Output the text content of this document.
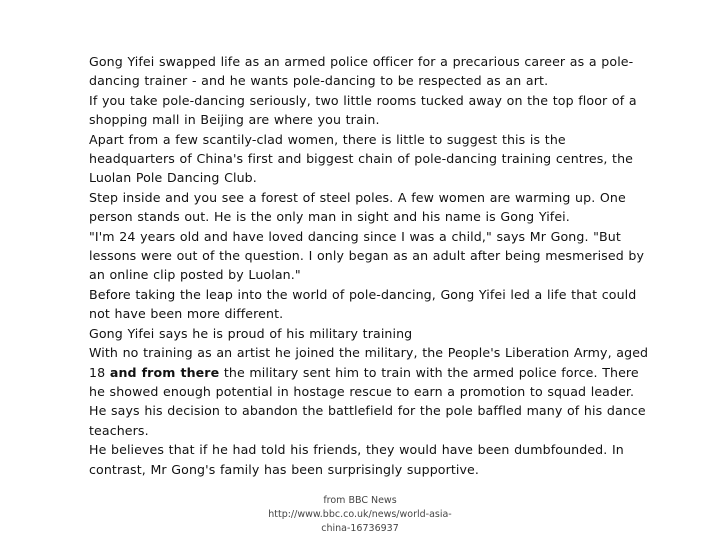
Gong Yifei swapped life as an armed police officer for a precarious career as a pole-dancing trainer - and he wants pole-dancing to be respected as an art.

If you take pole-dancing seriously, two little rooms tucked away on the top floor of a shopping mall in Beijing are where you train.

Apart from a few scantily-clad women, there is little to suggest this is the headquarters of China's first and biggest chain of pole-dancing training centres, the Luolan Pole Dancing Club.

Step inside and you see a forest of steel poles. A few women are warming up. One person stands out. He is the only man in sight and his name is Gong Yifei.

"I'm 24 years old and have loved dancing since I was a child," says Mr Gong. "But lessons were out of the question. I only began as an adult after being mesmerised by an online clip posted by Luolan."

Before taking the leap into the world of pole-dancing, Gong Yifei led a life that could not have been more different.

Gong Yifei says he is proud of his military training

With no training as an artist he joined the military, the People's Liberation Army, aged 18 and from there the military sent him to train with the armed police force. There he showed enough potential in hostage rescue to earn a promotion to squad leader.

He says his decision to abandon the battlefield for the pole baffled many of his dance teachers.

He believes that if he had told his friends, they would have been dumbfounded. In contrast, Mr Gong's family has been surprisingly supportive.

from BBC News
http://www.bbc.co.uk/news/world-asia-
china-16736937
